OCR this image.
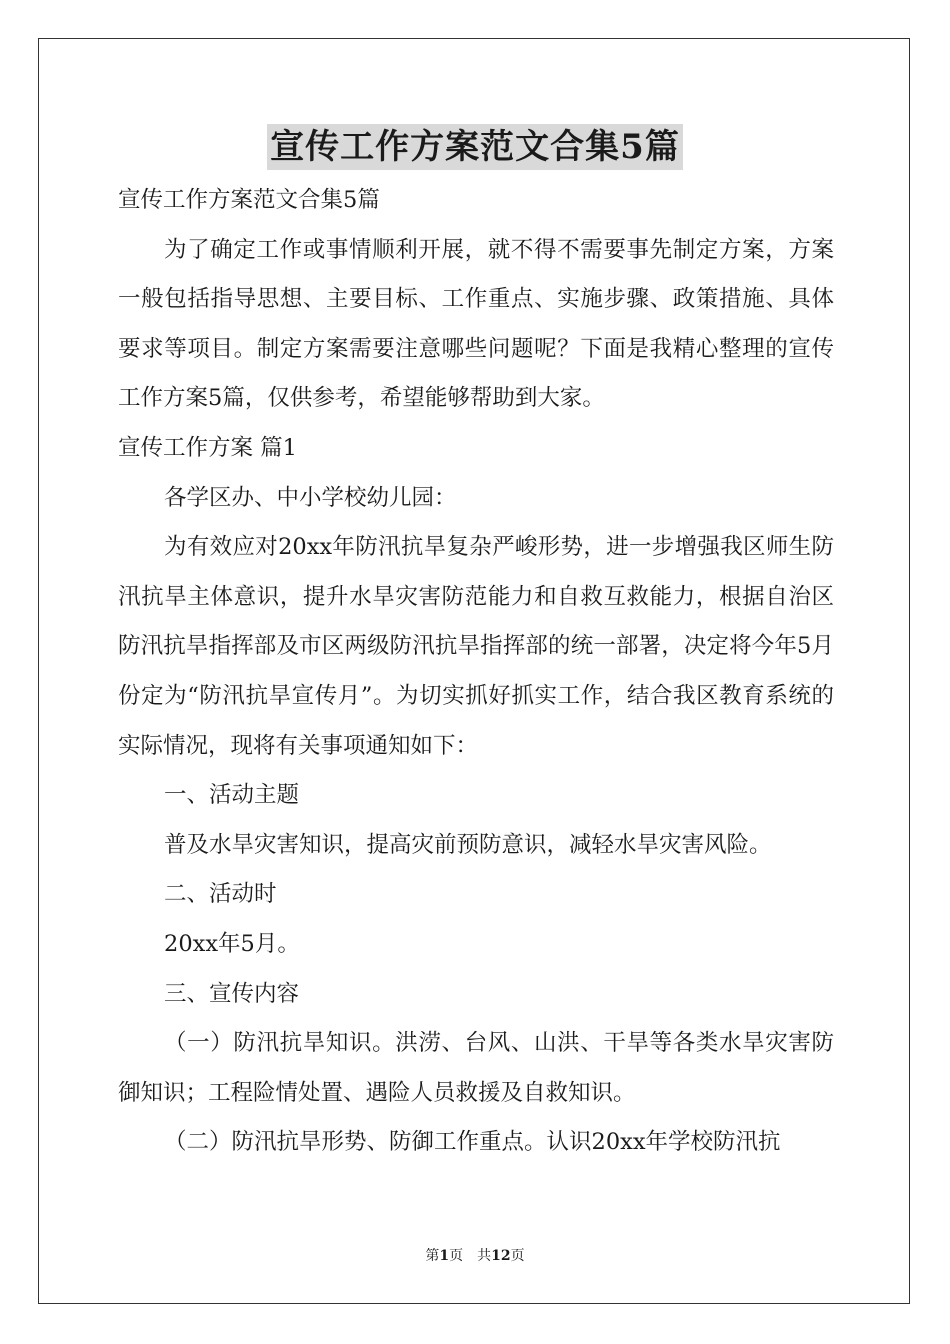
宣传工作方案范文合集5篇

宣传工作方案范文合集5篇

为了确定工作或事情顺利开展，就不得不需要事先制定方案，方案一般包括指导思想、主要目标、工作重点、实施步骤、政策措施、具体要求等项目。制定方案需要注意哪些问题呢？下面是我精心整理的宣传工作方案5篇，仅供参考，希望能够帮助到大家。

宣传工作方案 篇1

各学区办、中小学校幼儿园：

为有效应对20xx年防汛抗旱复杂严峻形势，进一步增强我区师生防汛抗旱主体意识，提升水旱灾害防范能力和自救互救能力，根据自治区防汛抗旱指挥部及市区两级防汛抗旱指挥部的统一部署，决定将今年5月份定为“防汛抗旱宣传月”。为切实抓好抓实工作，结合我区教育系统的实际情况，现将有关事项通知如下：

一、活动主题

普及水旱灾害知识，提高灾前预防意识，减轻水旱灾害风险。

二、活动时

20xx年5月。

三、宣传内容

（一）防汛抗旱知识。洪涝、台风、山洪、干旱等各类水旱灾害防御知识；工程险情处置、遇险人员救援及自救知识。

（二）防汛抗旱形势、防御工作重点。认识20xx年学校防汛抗

第1页　共12页
